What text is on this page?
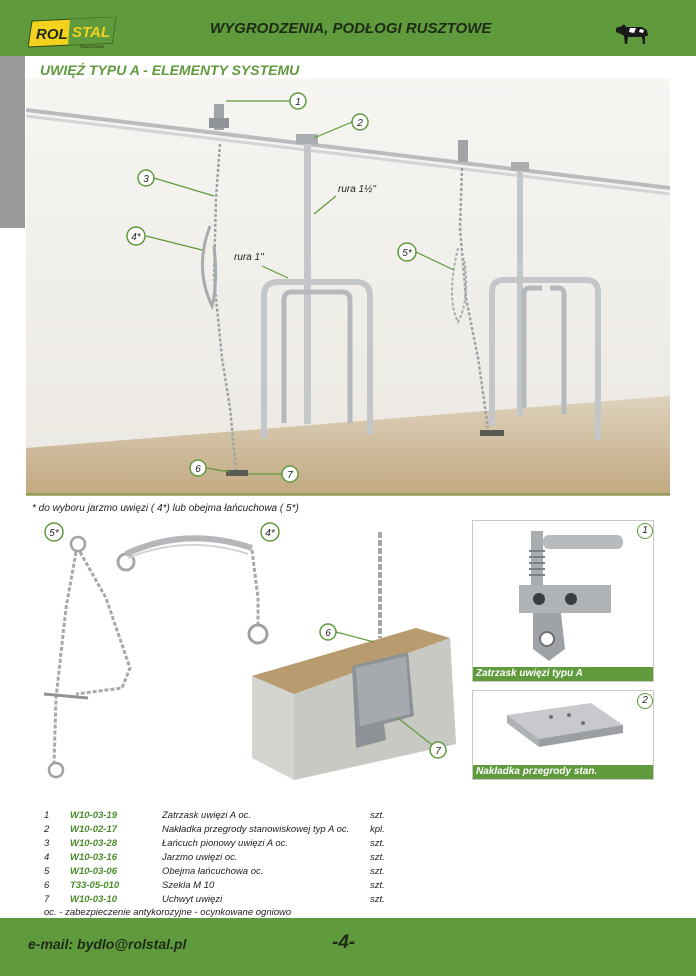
ROL STAL
PAWLOWSKI
WYGRODZENIA, PODŁOGI RUSZTOWE
UWIĘŹ TYPU A - ELEMENTY SYSTEMU
1
2
3
4*
5*
6
7
rura 1½"
rura 1"
* do wyboru jarzmo uwięzi ( 4*) lub obejma łańcuchowa ( 5*)
5*	4*
6
7
1
Zatrzask uwięzi typu A
2
Nakładka przegrody stan.
1	W10-03-19	Zatrzask uwięzi A oc.	szt.
2	W10-02-17	Nakładka przegrody stanowiskowej typ A oc.	kpl.
3	W10-03-28	Łańcuch pionowy uwięzi A oc.	szt.
4	W10-03-16	Jarzmo uwięzi oc.	szt.
5	W10-03-06	Obejma łańcuchowa oc.	szt.
6	T33-05-010	Szekla M 10	szt.
7	W10-03-10	Uchwyt uwięzi	szt.
oc. - zabezpieczenie antykorozyjne - ocynkowane ogniowo
e-mail: bydlo@rolstal.pl	-4-
